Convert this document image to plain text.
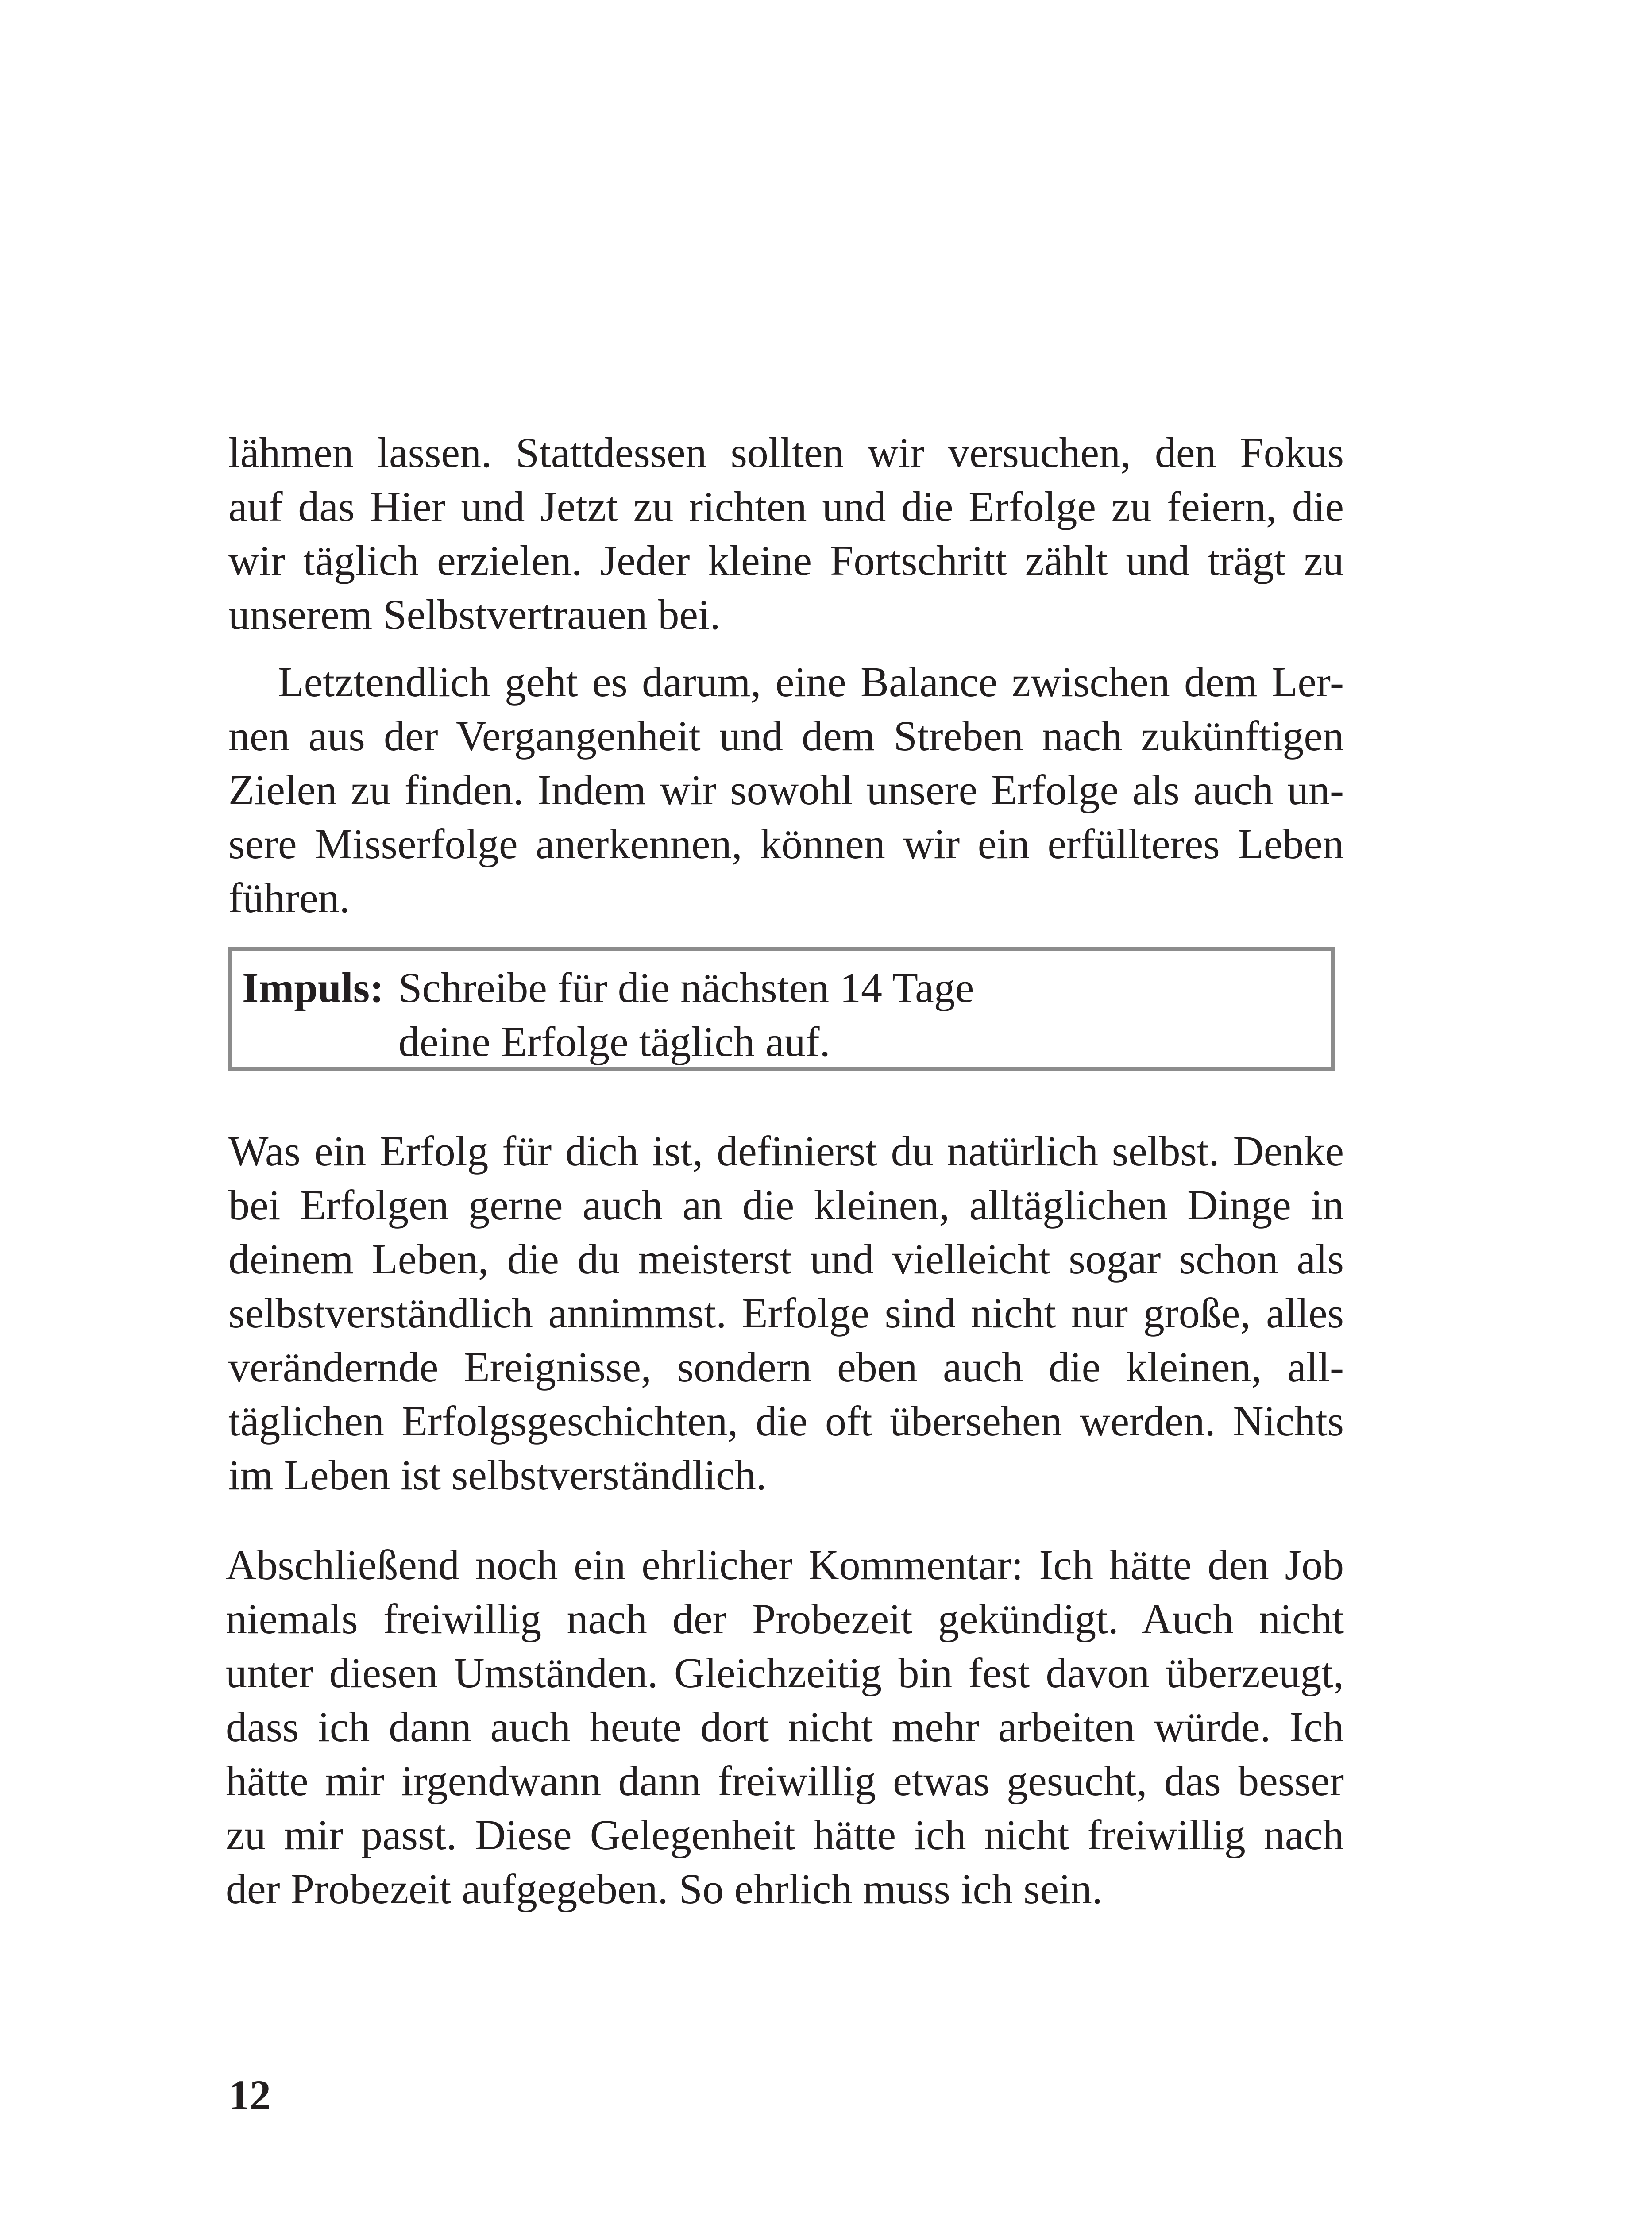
lähmen lassen. Stattdessen sollten wir versuchen, den Fokus
auf das Hier und Jetzt zu richten und die Erfolge zu feiern, die
wir täglich erzielen. Jeder kleine Fortschritt zählt und trägt zu
unserem Selbstvertrauen bei.
Letztendlich geht es darum, eine Balance zwischen dem Ler-
nen aus der Vergangenheit und dem Streben nach zukünftigen
Zielen zu finden. Indem wir sowohl unsere Erfolge als auch un-
sere Misserfolge anerkennen, können wir ein erfüllteres Leben
führen.
Impuls: Schreibe für die nächsten 14 Tage
deine Erfolge täglich auf.
Was ein Erfolg für dich ist, definierst du natürlich selbst. Denke
bei Erfolgen gerne auch an die kleinen, alltäglichen Dinge in
deinem Leben, die du meisterst und vielleicht sogar schon als
selbstverständlich annimmst. Erfolge sind nicht nur große, alles
verändernde Ereignisse, sondern eben auch die kleinen, all-
täglichen Erfolgsgeschichten, die oft übersehen werden. Nichts
im Leben ist selbstverständlich.
Abschließend noch ein ehrlicher Kommentar: Ich hätte den Job
niemals freiwillig nach der Probezeit gekündigt. Auch nicht
unter diesen Umständen. Gleichzeitig bin fest davon überzeugt,
dass ich dann auch heute dort nicht mehr arbeiten würde. Ich
hätte mir irgendwann dann freiwillig etwas gesucht, das besser
zu mir passt. Diese Gelegenheit hätte ich nicht freiwillig nach
der Probezeit aufgegeben. So ehrlich muss ich sein.
12
